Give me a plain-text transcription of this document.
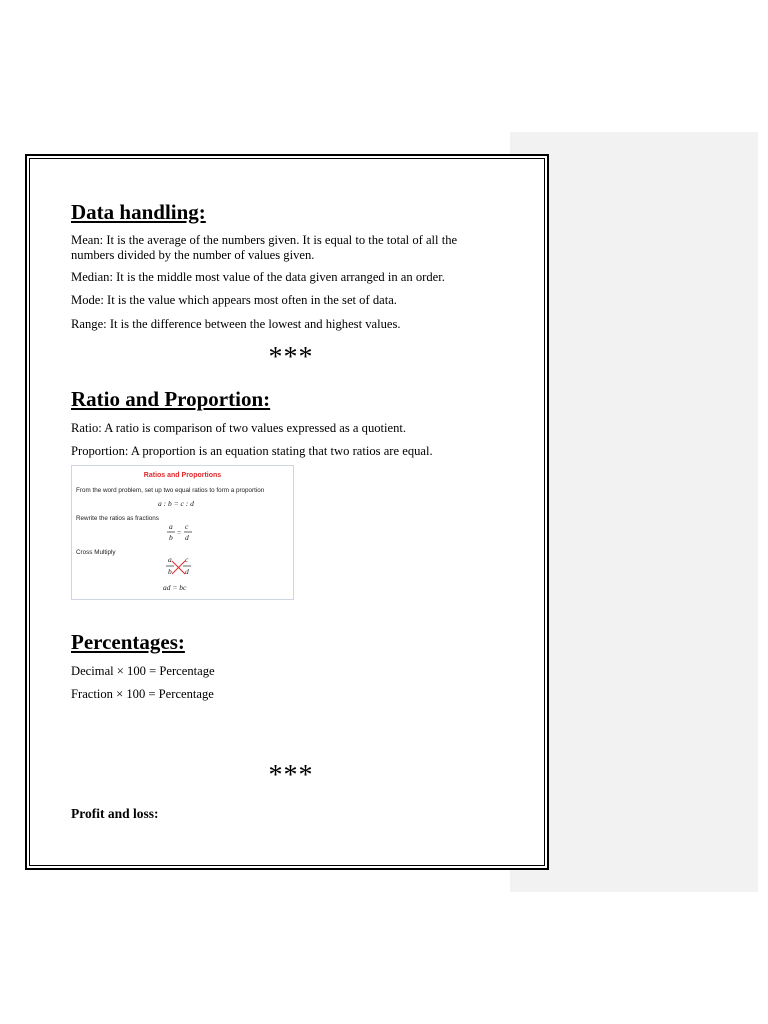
Data handling:
Mean: It is the average of the numbers given. It is equal to the total of all the numbers divided by the number of values given.
Median: It is the middle most value of the data given arranged in an order.
Mode: It is the value which appears most often in the set of data.
Range: It is the difference between the lowest and highest values.
***
Ratio and Proportion:
Ratio: A ratio is comparison of two values expressed as a quotient.
Proportion: A proportion is an equation stating that two ratios are equal.
Ratios and Proportions
From the word problem, set up two equal ratios to form a proportion
a : b = c : d
Rewrite the ratios as fractions
a
b
=
c
d
Cross Multiply
a
b
c
d
ad = bc
Percentages:
Decimal × 100 = Percentage
Fraction × 100 = Percentage
***
Profit and loss:
